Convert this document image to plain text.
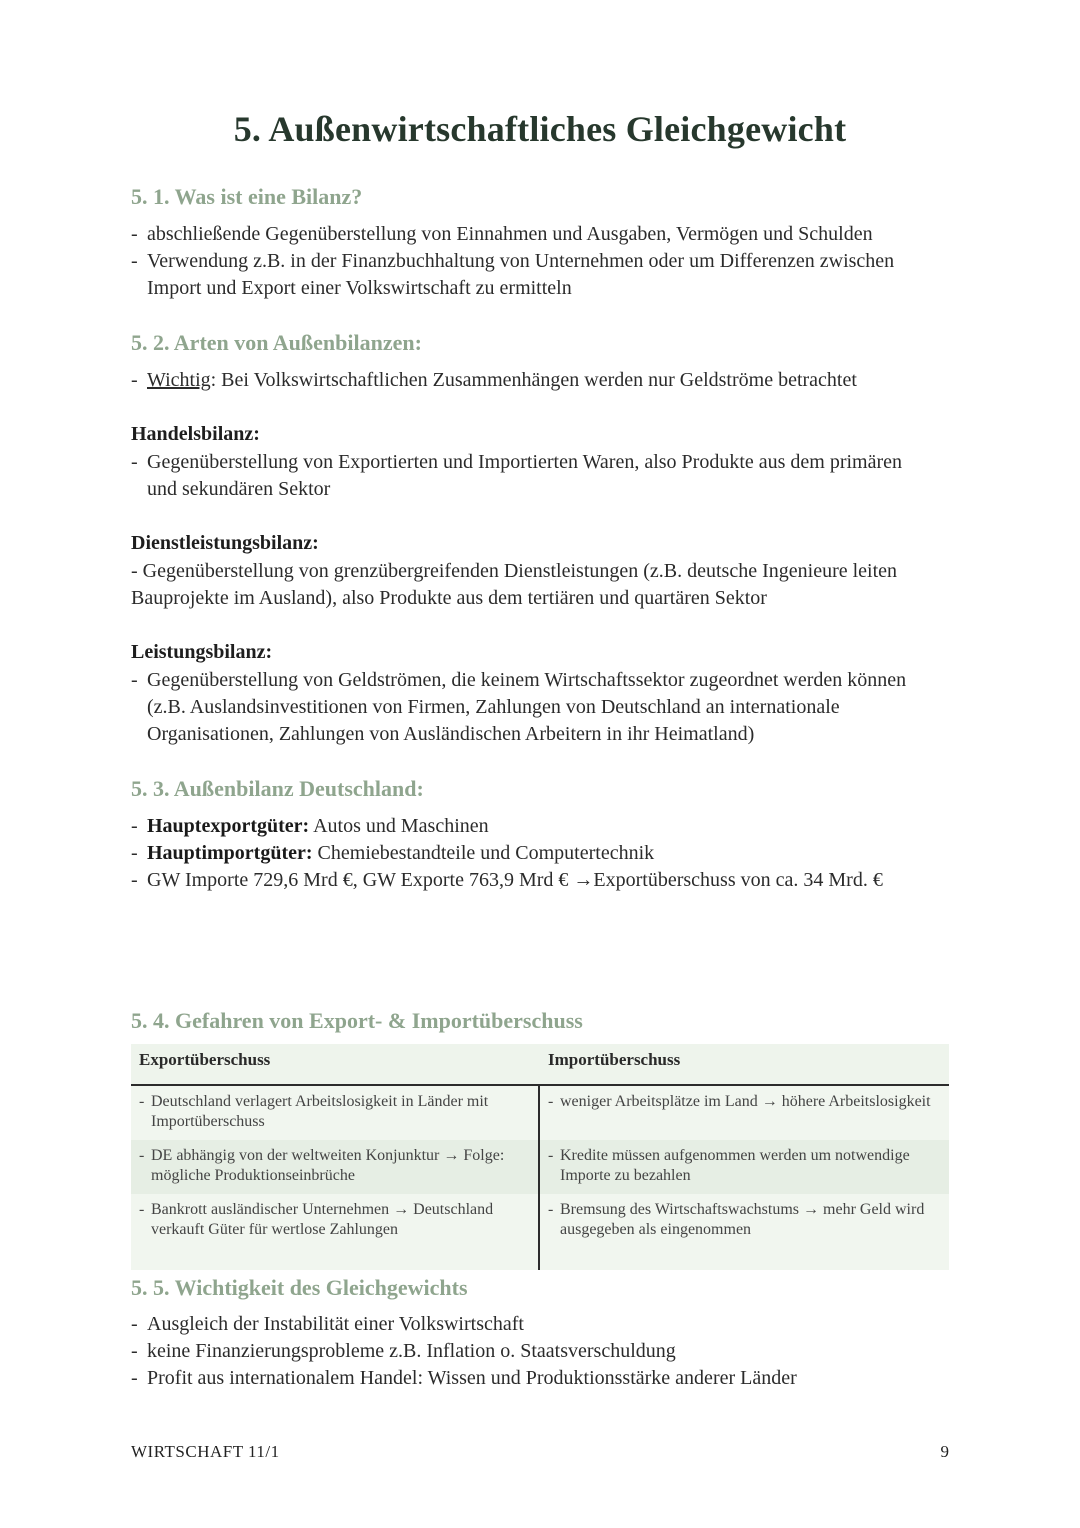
5. Außenwirtschaftliches Gleichgewicht
5. 1. Was ist eine Bilanz?
- abschließende Gegenüberstellung von Einnahmen und Ausgaben, Vermögen und Schulden
- Verwendung z.B. in der Finanzbuchhaltung von Unternehmen oder um Differenzen zwischen Import und Export einer Volkswirtschaft zu ermitteln
5. 2. Arten von Außenbilanzen:
- Wichtig: Bei Volkswirtschaftlichen Zusammenhängen werden nur Geldströme betrachtet
Handelsbilanz:
- Gegenüberstellung von Exportierten und Importierten Waren, also Produkte aus dem primären und sekundären Sektor
Dienstleistungsbilanz:

- Gegenüberstellung von grenzübergreifenden Dienstleistungen (z.B. deutsche Ingenieure leiten Bauprojekte im Ausland), also Produkte aus dem tertiären und quartären Sektor

Leistungsbilanz:
- Gegenüberstellung von Geldströmen, die keinem Wirtschaftssektor zugeordnet werden können (z.B. Auslandsinvestitionen von Firmen, Zahlungen von Deutschland an internationale Organisationen, Zahlungen von Ausländischen Arbeitern in ihr Heimatland)
5. 3. Außenbilanz Deutschland:
- Hauptexportgüter: Autos und Maschinen
- Hauptimportgüter: Chemiebestandteile und Computertechnik
- GW Importe 729,6 Mrd €, GW Exporte 763,9 Mrd € →Exportüberschuss von ca. 34 Mrd. €
5. 4. Gefahren von Export- & Importüberschuss
Exportüberschuss	Importüberschuss
- Deutschland verlagert Arbeitslosigkeit in Länder mit Importüberschuss
- weniger Arbeitsplätze im Land → höhere Arbeitslosigkeit
- DE abhängig von der weltweiten Konjunktur → Folge: mögliche Produktionseinbrüche
- Kredite müssen aufgenommen werden um notwendige Importe zu bezahlen
- Bankrott ausländischer Unternehmen → Deutschland verkauft Güter für wertlose Zahlungen
- Bremsung des Wirtschaftswachstums → mehr Geld wird ausgegeben als eingenommen
5. 5. Wichtigkeit des Gleichgewichts
- Ausgleich der Instabilität einer Volkswirtschaft
- keine Finanzierungsprobleme z.B. Inflation o. Staatsverschuldung
- Profit aus internationalem Handel: Wissen und Produktionsstärke anderer Länder
WIRTSCHAFT 11/1	9
